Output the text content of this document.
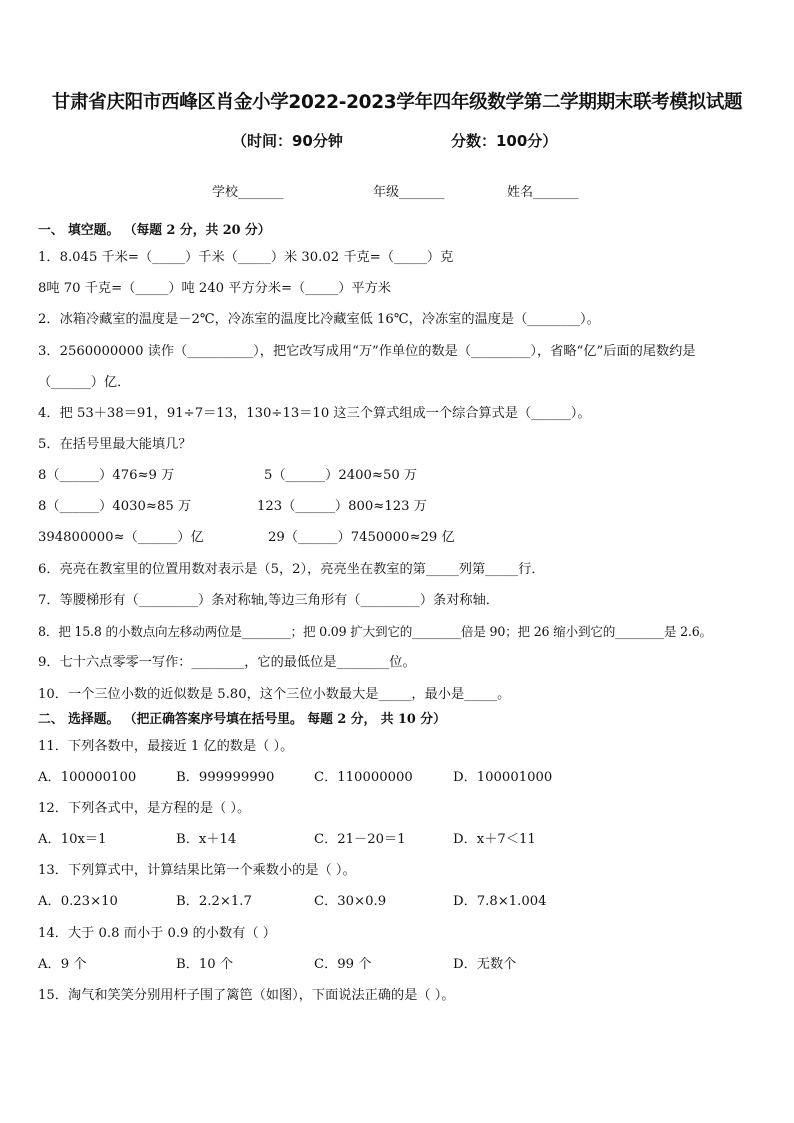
甘肃省庆阳市西峰区肖金小学2022-2023学年四年级数学第二学期期末联考模拟试题
（时间：90分钟	分数：100分）
学校_______	年级_______	姓名_______
一、 填空题。 （每题 2 分，共 20 分）
1．8.045 千米=（_____）千米（_____）米 30.02 千克=（_____）克
8吨 70 千克=（_____）吨 240 平方分米=（_____）平方米
2．冰箱冷藏室的温度是－2℃，冷冻室的温度比冷藏室低 16℃，冷冻室的温度是（________）。
3．2560000000 读作（__________），把它改写成用“万”作单位的数是（_________），省略“亿”后面的尾数约是
（______）亿．
4．把 53＋38＝91，91÷7＝13，130÷13＝10 这三个算式组成一个综合算式是（______）。
5．在括号里最大能填几？
8（______）476≈9 万	5（______）2400≈50 万
8（______）4030≈85 万	123（______）800≈123 万
394800000≈（______）亿	29（______）7450000≈29 亿
6．亮亮在教室里的位置用数对表示是（5，2），亮亮坐在教室的第_____列第_____行．
7．等腰梯形有（_________）条对称轴,等边三角形有（_________）条对称轴．
8．把 15.8 的小数点向左移动两位是________；把 0.09 扩大到它的________倍是 90；把 26 缩小到它的________是 2.6。
9．七十六点零零一写作：________，它的最低位是________位。
10．一个三位小数的近似数是 5.80，这个三位小数最大是_____，最小是_____。
二、 选择题。 （把正确答案序号填在括号里。 每题 2 分， 共 10 分）
11．下列各数中，最接近 1 亿的数是（ ）。
A．100000100	B．999999990	C．110000000	D．100001000
12．下列各式中，是方程的是（ ）。
A．10x＝1	B．x＋14	C．21－20＝1	D．x＋7＜11
13．下列算式中，计算结果比第一个乘数小的是（ ）。
A．0.23×10	B．2.2×1.7	C．30×0.9	D．7.8×1.004
14．大于 0.8 而小于 0.9 的小数有（ ）
A．9 个	B．10 个	C．99 个	D．无数个
15．淘气和笑笑分别用杆子围了篱笆（如图），下面说法正确的是（ ）。
